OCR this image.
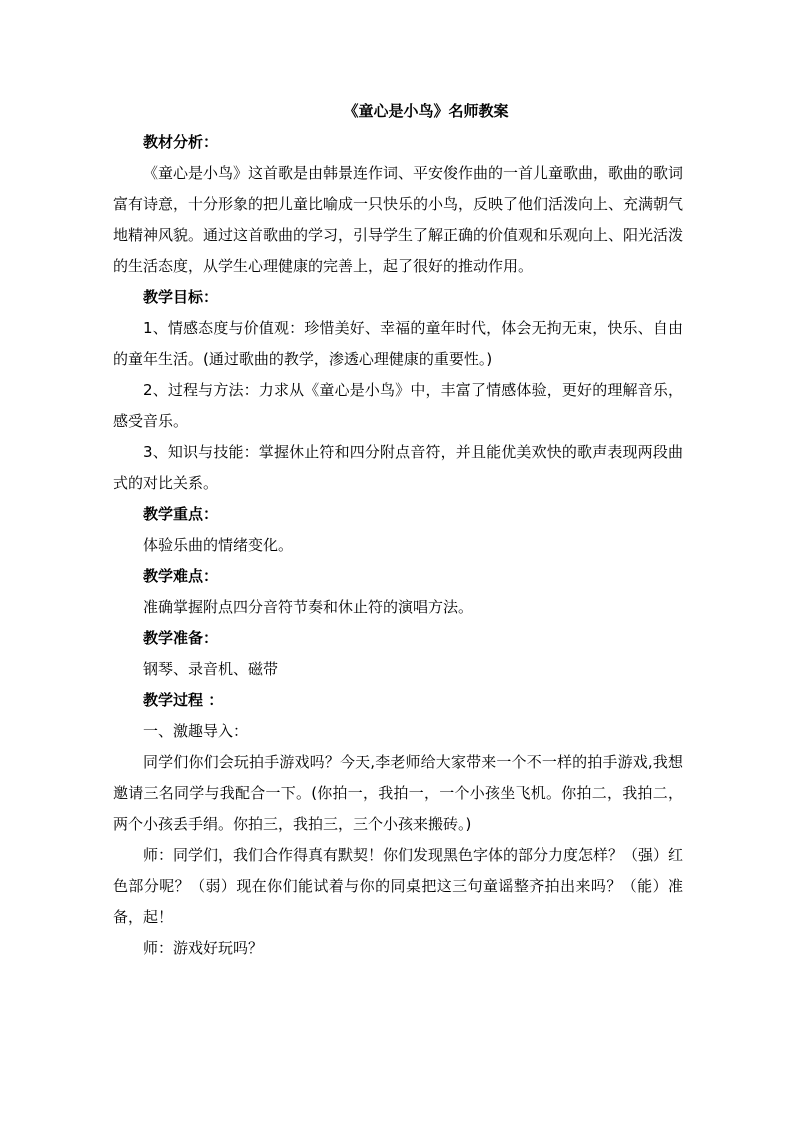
《童心是小鸟》名师教案

教材分析：

《童心是小鸟》这首歌是由韩景连作词、平安俊作曲的一首儿童歌曲，歌曲的歌词富有诗意，十分形象的把儿童比喻成一只快乐的小鸟，反映了他们活泼向上、充满朝气地精神风貌。通过这首歌曲的学习，引导学生了解正确的价值观和乐观向上、阳光活泼的生活态度，从学生心理健康的完善上，起了很好的推动作用。

教学目标：

1、情感态度与价值观：珍惜美好、幸福的童年时代，体会无拘无束，快乐、自由的童年生活。(通过歌曲的教学，渗透心理健康的重要性。)

2、过程与方法：力求从《童心是小鸟》中，丰富了情感体验，更好的理解音乐，感受音乐。

3、知识与技能：掌握休止符和四分附点音符，并且能优美欢快的歌声表现两段曲式的对比关系。

教学重点：

体验乐曲的情绪变化。

教学难点：

准确掌握附点四分音符节奏和休止符的演唱方法。

教学准备：

钢琴、录音机、磁带

教学过程 ：

一、激趣导入：

同学们你们会玩拍手游戏吗？今天,李老师给大家带来一个不一样的拍手游戏,我想邀请三名同学与我配合一下。(你拍一，我拍一，一个小孩坐飞机。你拍二，我拍二，两个小孩丢手绢。你拍三，我拍三，三个小孩来搬砖。)

师：同学们，我们合作得真有默契！你们发现黑色字体的部分力度怎样？（强）红色部分呢？（弱）现在你们能试着与你的同桌把这三句童谣整齐拍出来吗？（能）准备，起！

师：游戏好玩吗？
